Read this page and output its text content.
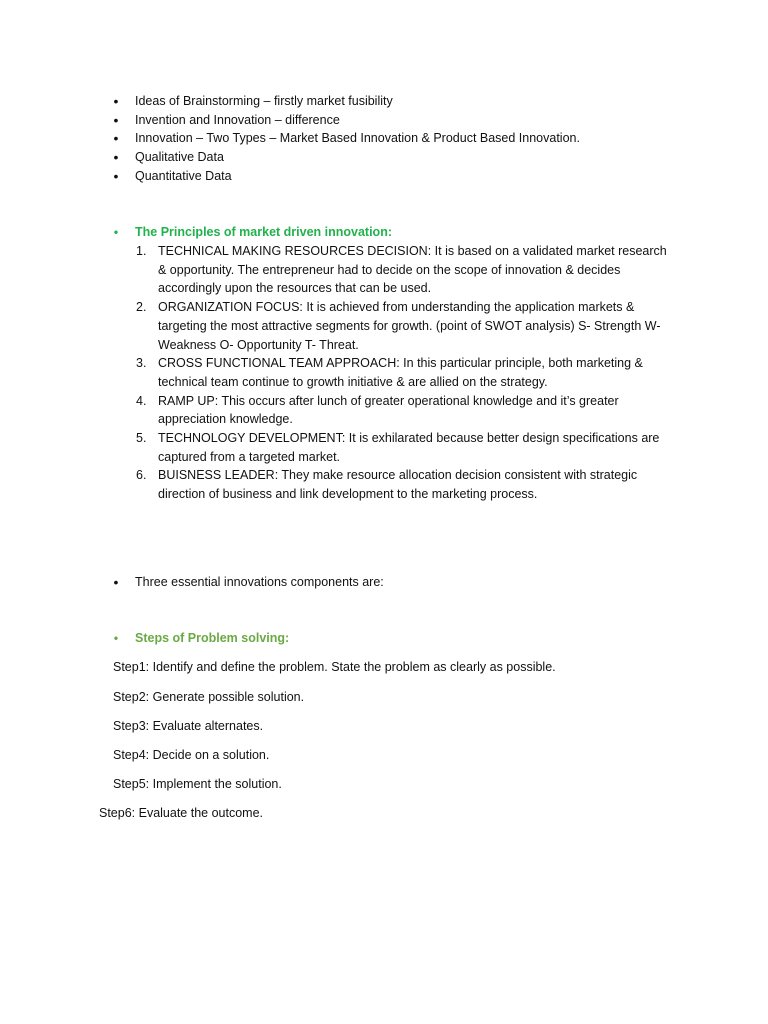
• Ideas of Brainstorming – firstly market fusibility
• Invention and Innovation – difference
• Innovation – Two Types – Market Based Innovation & Product Based Innovation.
• Qualitative Data
• Quantitative Data
• The Principles of market driven innovation:
1. TECHNICAL MAKING RESOURCES DECISION: It is based on a validated market research & opportunity. The entrepreneur had to decide on the scope of innovation & decides accordingly upon the resources that can be used.
2. ORGANIZATION FOCUS: It is achieved from understanding the application markets & targeting the most attractive segments for growth. (point of SWOT analysis) S- Strength W- Weakness O- Opportunity T- Threat.
3. CROSS FUNCTIONAL TEAM APPROACH: In this particular principle, both marketing & technical team continue to growth initiative & are allied on the strategy.
4. RAMP UP: This occurs after lunch of greater operational knowledge and it’s greater appreciation knowledge.
5. TECHNOLOGY DEVELOPMENT: It is exhilarated because better design specifications are captured from a targeted market.
6. BUISNESS LEADER: They make resource allocation decision consistent with strategic direction of business and link development to the marketing process.
• Three essential innovations components are:
• Steps of Problem solving:

Step1: Identify and define the problem. State the problem as clearly as possible.

Step2: Generate possible solution.

Step3: Evaluate alternates.

Step4: Decide on a solution.

Step5: Implement the solution.

Step6: Evaluate the outcome.
